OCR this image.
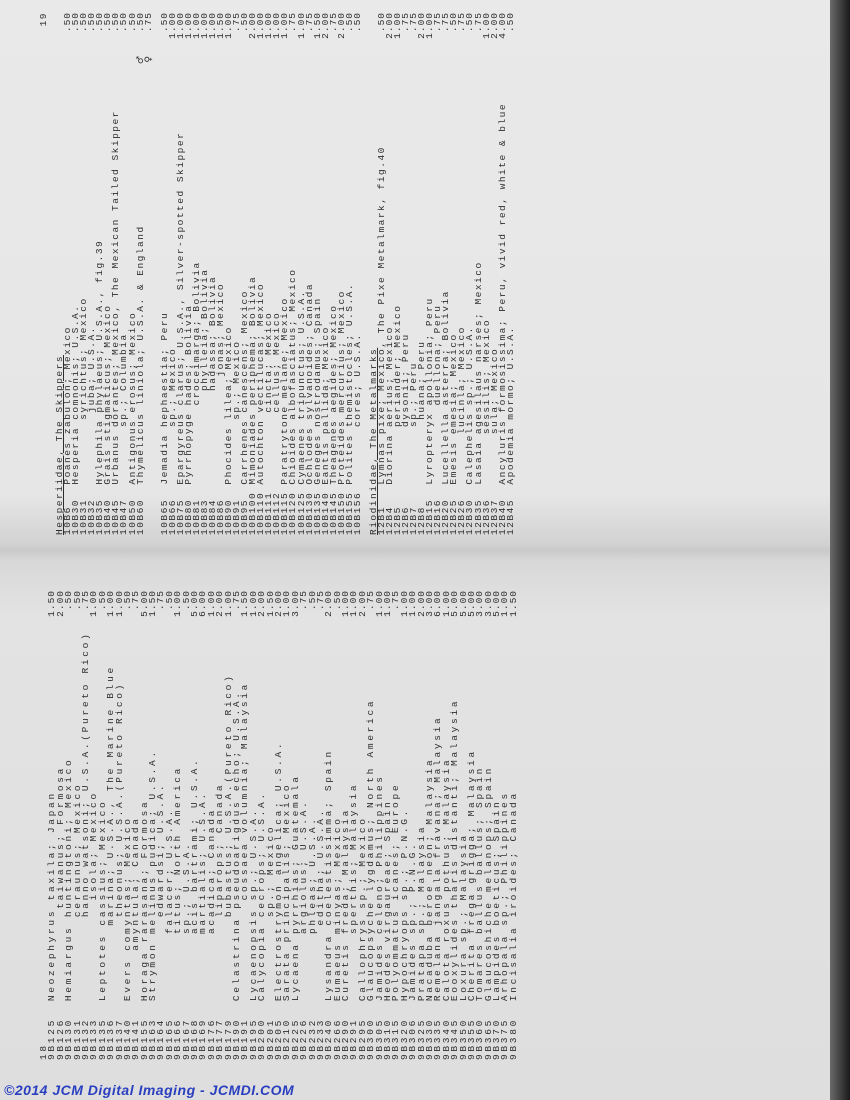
18
9B125  Neozephyrus taxila; Japan
1.50
9B126             taiwanus; Formosa
2.00
9B130  Hemiargus huntingtoni; Mexico
.50
9B131            ceraunus; Mexico
.50
9B132            hanno watsoni; U.S.A.(Pureto Rico)
.75
9B133              isola; Mexico
1.00
9B135  Leptotes cassius; Mexico
.50
9B136           marina; U.S.A., The Marine Blue
1.00
9B137            theonus; U.S.A.(Pureto Rico)
1.00
9B140  Evers comyntas; Mexico
.50
9B141        amyntula; Canada
.75
9B155  Horaga rarasana; Formosa
5.00
9B163  Strymon melinus pudica; U.S.A.
1.50
9B164            edwardsi; U.S.A.
.75
9B165          falacer; U.S.A.
.50
9B166          titus; North America
1.00
9B167          sp.; U.S.A.
.50
9B168          acis bartrami; U.S.A.
5.00
9B169          martialis; U.S.A.
6.00
9B176          acadica; Canada
1.00
9B177            liparops; Canada
2.00
9B179            bubastus; U.S.A.(Pureto Rico)
1.00
9B190  Celastrina pseudoarigdus echo; U.S.A.
.75
9B191              cossaea volumnia; Malaysia
1.50
9B195  Lycaenopsis sp.; U.S.A.
1.00
9B200  Calycopia cecrops; U.S.A.
2.00
9B201            sp.; Mexico
1.50
9B205  Electrostrymon angelica; U.S.A.
2.00
9B210  Sarata principalis; Mexico
1.00
9B225  Lycaena pyrrhias; Guatemala
3.00
9B226          argiolus; U.S.A.
.75
9B232          phleas; U.S.A.
.50
9B233           editha; U.S.A.
.75
9B240  Lysandra coelestissimma; Spain
2.00
9B266  Eumaeus minyas; Mexico
.50
9B290  Curetis freda; Malaysia
1.00
9B291          sperthis; Malaysia
1.00
9B295  Callophrys sp.; Mexico
2.00
9B300  Glaucopsyche lygdamus; North America
.75
9B305  Jamides celeno; Philippines
1.00
9B310  Heodes virgaureae; Spain
1.00
9B315  Polyommatus icanes; Europe
.75
9B320  Hypochryops sp.; P.N.G.
1.00
9B306  Jamides sp.; P.N.G.
1.00
9B325  Pratapa sp.; Malaysia
2.00
9B330  Nacaduba beroe neon; Malaysia
3.00
9B335  Remelana jangala fravana; Malaysia
6.00
9B340  Calota roxus pothus; Malaysia
1.00
9B345  Eooxylides tharis distanti; Malaysia
5.00
9B350  Loxura sp.; Malaysia
5.00
9B355  Cherita frega grigga; Malaysia
5.00
9B360  Tomares ballus ballus; Spain
3.00
9B365  Glaucoshiche melanops; Spain
3.00
9B370  Lampides boeticus; Spain
5.00
9B375  Arhopala sp.; Philippines
1.00
9B380  Incisalia iroides; Canada
1.50
19
Hesperiidae, The Skippers
10B6   Poanes zabulon; Mexico
.50
10B30  Hesperia comnonis; U.S.A.
.50
10B31           syrichtus; Mexico
.50
10B32            juba; U.S.A.
.50
10B35  Hylephila phylaeus; U.S.A., fig.39
.50
10B40  Grais stigmaticus; Mexico
.50
10B45  Urbanus dorantes; Mexico, The Mexican Tailed Skipper
.50
10B47          sp.; Columbia
.50
10B50  Antigonus erosus; Mexico
.50
10B60  Thymelicus liniola; U.S.A. & England
♂
.50
♀
.75
10B65  Jemadia hephaestia; Peru
.50
10B66          sp.; Mexico
1.00
10B75  Epargyreus clarus; U.S.A., Silver-spotted Skipper
1.00
10B80  Pyrrhopyge hades; Bolivia
1.00
10B81             croceimarga; Bolivia
1.00
10B83               phylleia; Bolivia
1.00
10B84               hadassa; Bolivia
1.00
10B86                 jonas; Mexico
1.50
10B90  Phocides lilea; Mexico
1.00
10B91           sp.; Mexico
.75
10B95  Carrhenes canescens; Mexico
.50
10B100 Mimoniades periphema; Bolivia
2.00
10B110 Autochton vectilucas; Mexico
1.00
10B111           cincta; Mexico
1.00
10B112           cellus; Mexico
1.00
10B115 Paratrytone melane; Mexico
1.00
10B120 Chioides albofasciatus; Mexico
.75
10B125 Cymaenes tripunctus; U.S.A.
1.00
10B130 Ochlodes sylvanoides; Canada
.75
10B135 Geneges nostrodamus; Spain
1.50
10B140 Eantis pallida; Mexico
2.00
10B145 Theagenes aegides; Mexico
.75
10B150 Proteides mercurius; Mexico
2.00
10B155 Polites themistocles; U.S.A.
.50
10B156         cores; U.S.A.
.50
Riodinidae, The Metalmarks
12B1   Lymnas pixe; Mexico, The Pixe Metalmark, fig.40
.50
12B4   Diorina aerius; Mexico
2.00
12B5           periander; Mexico
1.00
12B6           dysonii; Peru
.75
12B7           sp.; Peru
.75
12B8            huana; Peru
2.00
12B15  Lyropteryx apollonia; Peru
1.00
12B16             duellona; Peru
.75
12B20  Lucellella asterra; Bolivia
.75
12B25  Emesis emesia; Mexico
.50
12B26         lucinla; Mexico
.75
12B30  Calephelis sp.; U.S.A.
.50
12B35  Lasaia agesilaus narses; Mexico
.75
12B36         sessilis; Mexico
1.00
12B37         sula; Mexico
2.00
12B40  Ancyluris formosissima; Peru, vivid red, white & blue
4.00
12B45  Apodemia mormo; U.S.A.
.50
©2014 JCM Digital Imaging - JCMDI.COM
